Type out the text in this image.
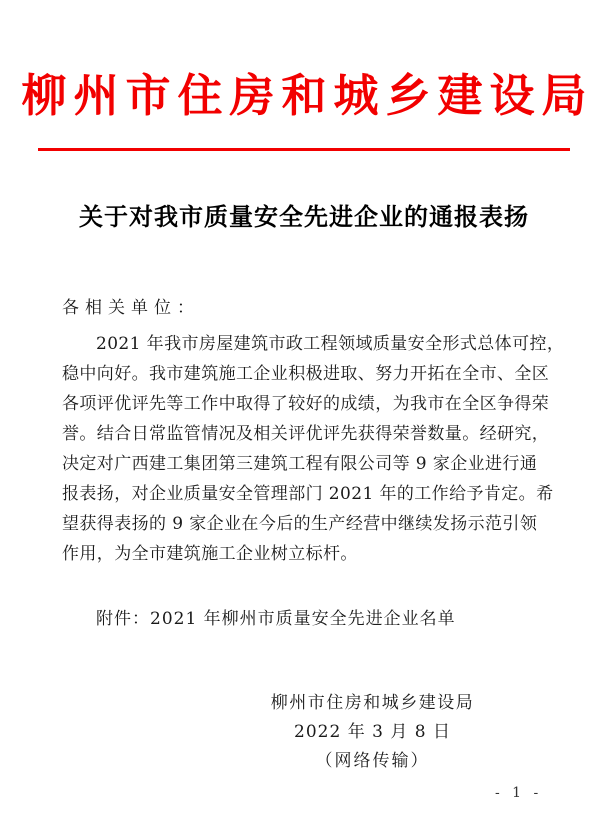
柳州市住房和城乡建设局
关于对我市质量安全先进企业的通报表扬
各相关单位：
2021 年我市房屋建筑市政工程领域质量安全形式总体可控，
稳中向好。我市建筑施工企业积极进取、努力开拓在全市、全区
各项评优评先等工作中取得了较好的成绩，为我市在全区争得荣
誉。结合日常监管情况及相关评优评先获得荣誉数量。经研究，
决定对广西建工集团第三建筑工程有限公司等 9 家企业进行通
报表扬，对企业质量安全管理部门 2021 年的工作给予肯定。希
望获得表扬的 9 家企业在今后的生产经营中继续发扬示范引领
作用，为全市建筑施工企业树立标杆。
附件：2021 年柳州市质量安全先进企业名单
柳州市住房和城乡建设局
2022 年 3 月 8 日
（网络传输）
- 1 -
